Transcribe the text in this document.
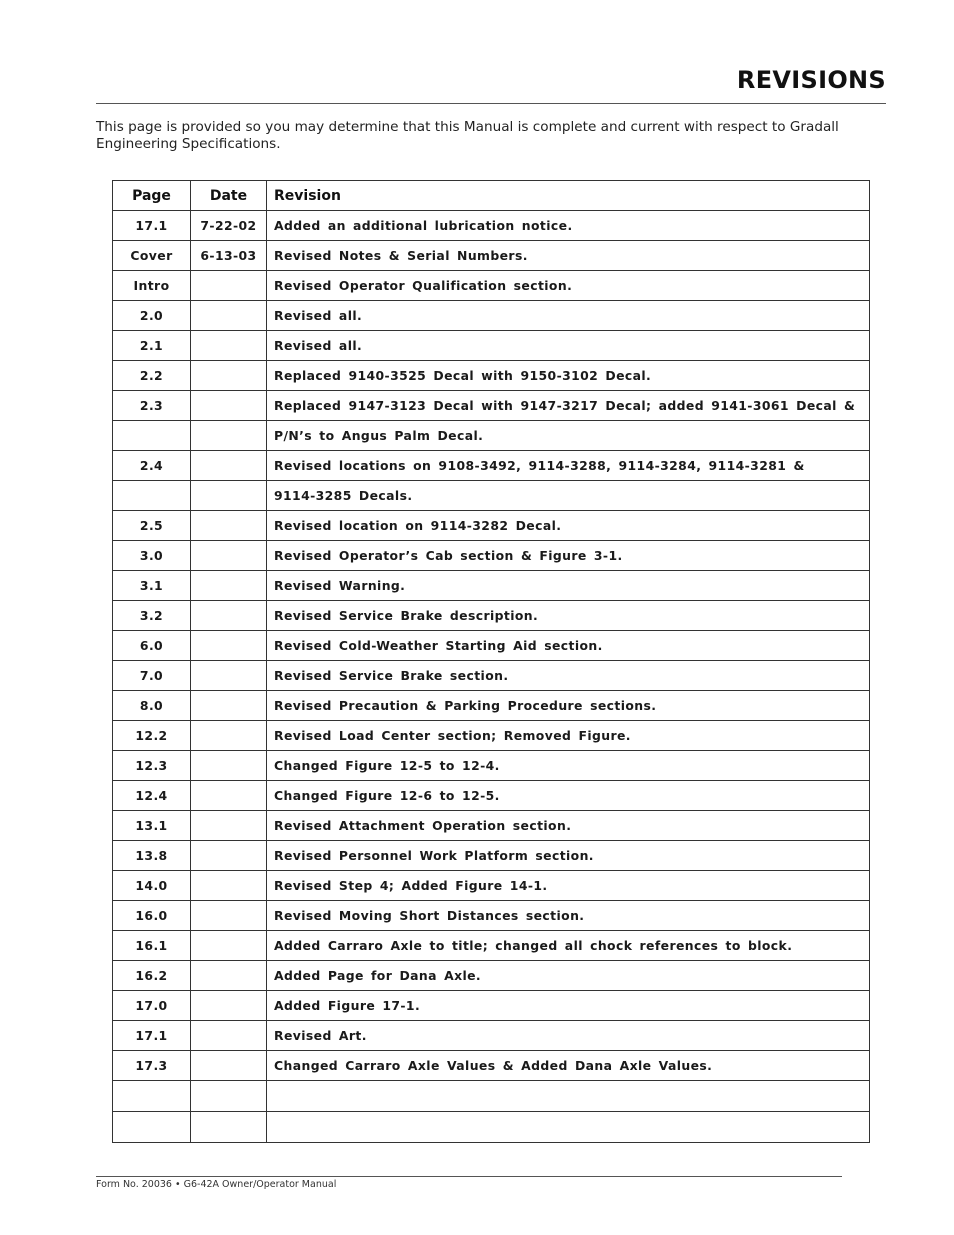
REVISIONS

This page is provided so you may determine that this Manual is complete and current with respect to Gradall Engineering Specifications.

Page	Date	Revision
17.1	7-22-02	Added an additional lubrication notice.
Cover	6-13-03	Revised Notes & Serial Numbers.
Intro		Revised Operator Qualification section.
2.0		Revised all.
2.1		Revised all.
2.2		Replaced 9140-3525 Decal with 9150-3102 Decal.
2.3		Replaced 9147-3123 Decal with 9147-3217 Decal; added 9141-3061 Decal &
		P/N’s to Angus Palm Decal.
2.4		Revised locations on 9108-3492, 9114-3288, 9114-3284, 9114-3281 &
		9114-3285 Decals.
2.5		Revised location on 9114-3282 Decal.
3.0		Revised Operator’s Cab section & Figure 3-1.
3.1		Revised Warning.
3.2		Revised Service Brake description.
6.0		Revised Cold-Weather Starting Aid section.
7.0		Revised Service Brake section.
8.0		Revised Precaution & Parking Procedure sections.
12.2		Revised Load Center section; Removed Figure.
12.3		Changed Figure 12-5 to 12-4.
12.4		Changed Figure 12-6 to 12-5.
13.1		Revised Attachment Operation section.
13.8		Revised Personnel Work Platform section.
14.0		Revised Step 4; Added Figure 14-1.
16.0		Revised Moving Short Distances section.
16.1		Added Carraro Axle to title; changed all chock references to block.
16.2		Added Page for Dana Axle.
17.0		Added Figure 17-1.
17.1		Revised Art.
17.3		Changed Carraro Axle Values & Added Dana Axle Values.

Form No. 20036 • G6-42A Owner/Operator Manual
